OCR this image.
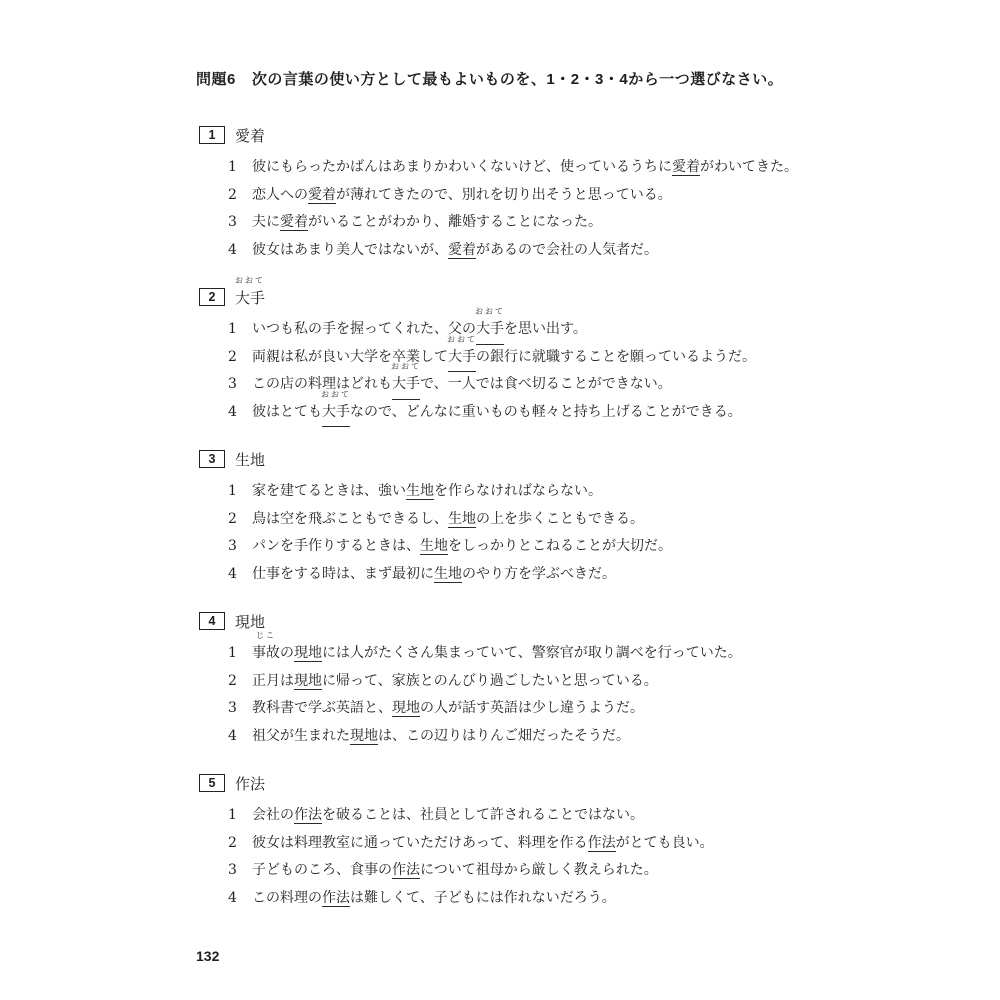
問題6 次の言葉の使い方として最もよいものを、1・2・3・4から一つ選びなさい。
1	愛着
1 彼にもらったかばんはあまりかわいくないけど、使っているうちに愛着がわいてきた。
2 恋人への愛着が薄れてきたので、別れを切り出そうと思っている。
3 夫に愛着がいることがわかり、離婚することになった。
4 彼女はあまり美人ではないが、愛着があるので会社の人気者だ。
2	大手
おおて
1 いつも私の手を握ってくれた、父の大手
おおて
を思い出す。
2 両親は私が良い大学を卒業して大手
おおて
の銀行に就職することを願っているようだ。
3 この店の料理はどれも大手
おおて
で、一人では食べ切ることができない。
4 彼はとても大手
おおて
なので、どんなに重いものも軽々と持ち上げることができる。
3	生地
1 家を建てるときは、強い生地を作らなければならない。
2 鳥は空を飛ぶこともできるし、生地の上を歩くこともできる。
3 パンを手作りするときは、生地をしっかりとこねることが大切だ。
4 仕事をする時は、まず最初に生地のやり方を学ぶべきだ。
4	現地
1 事故
じこ
の現地には人がたくさん集まっていて、警察官が取り調べを行っていた。
2 正月は現地に帰って、家族とのんびり過ごしたいと思っている。
3 教科書で学ぶ英語と、現地の人が話す英語は少し違うようだ。
4 祖父が生まれた現地は、この辺りはりんご畑だったそうだ。
5	作法
1 会社の作法を破ることは、社員として許されることではない。
2 彼女は料理教室に通っていただけあって、料理を作る作法がとても良い。
3 子どものころ、食事の作法について祖母から厳しく教えられた。
4 この料理の作法は難しくて、子どもには作れないだろう。
132
